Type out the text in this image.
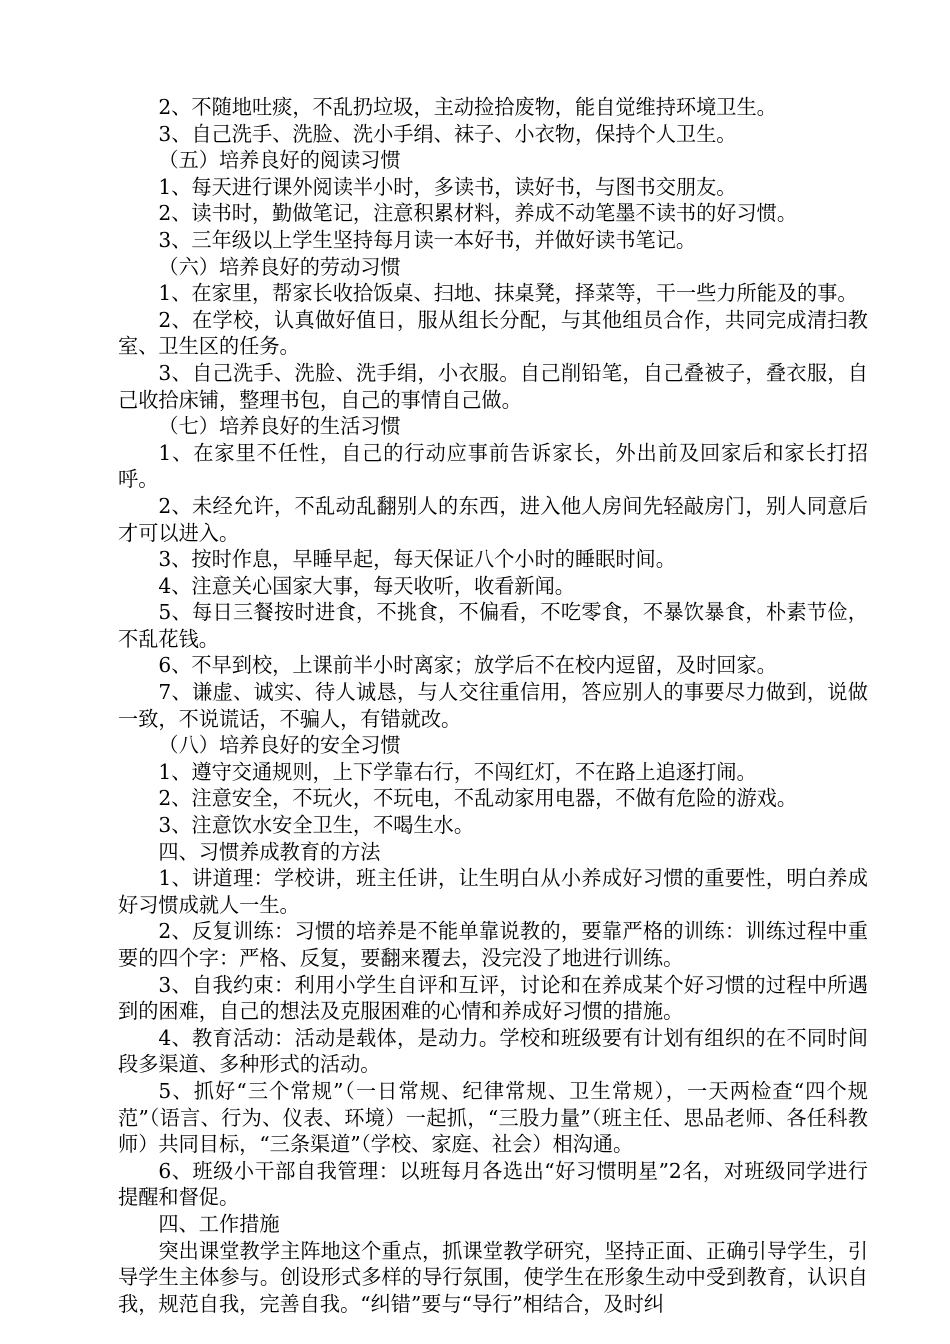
2、不随地吐痰，不乱扔垃圾，主动捡拾废物，能自觉维持环境卫生。

3、自己洗手、洗脸、洗小手绢、袜子、小衣物，保持个人卫生。

（五）培养良好的阅读习惯

1、每天进行课外阅读半小时，多读书，读好书，与图书交朋友。

2、读书时，勤做笔记，注意积累材料，养成不动笔墨不读书的好习惯。

3、三年级以上学生坚持每月读一本好书，并做好读书笔记。

（六）培养良好的劳动习惯

1、在家里，帮家长收拾饭桌、扫地、抹桌凳，择菜等，干一些力所能及的事。

2、在学校，认真做好值日，服从组长分配，与其他组员合作，共同完成清扫教室、卫生区的任务。

3、自己洗手、洗脸、洗手绢，小衣服。自己削铅笔，自己叠被子，叠衣服，自己收拾床铺，整理书包，自己的事情自己做。

（七）培养良好的生活习惯

1、在家里不任性，自己的行动应事前告诉家长，外出前及回家后和家长打招呼。

2、未经允许，不乱动乱翻别人的东西，进入他人房间先轻敲房门，别人同意后才可以进入。

3、按时作息，早睡早起，每天保证八个小时的睡眠时间。

4、注意关心国家大事，每天收听，收看新闻。

5、每日三餐按时进食，不挑食，不偏看，不吃零食，不暴饮暴食，朴素节俭，不乱花钱。

6、不早到校，上课前半小时离家；放学后不在校内逗留，及时回家。

7、谦虚、诚实、待人诚恳，与人交往重信用，答应别人的事要尽力做到，说做一致，不说谎话，不骗人，有错就改。

（八）培养良好的安全习惯

1、遵守交通规则，上下学靠右行，不闯红灯，不在路上追逐打闹。

2、注意安全，不玩火，不玩电，不乱动家用电器，不做有危险的游戏。

3、注意饮水安全卫生，不喝生水。

四、习惯养成教育的方法

1、讲道理：学校讲，班主任讲，让生明白从小养成好习惯的重要性，明白养成好习惯成就人一生。

2、反复训练：习惯的培养是不能单靠说教的，要靠严格的训练：训练过程中重要的四个字：严格、反复，要翻来覆去，没完没了地进行训练。

3、自我约束：利用小学生自评和互评，讨论和在养成某个好习惯的过程中所遇到的困难，自己的想法及克服困难的心情和养成好习惯的措施。

4、教育活动：活动是载体，是动力。学校和班级要有计划有组织的在不同时间段多渠道、多种形式的活动。

5、抓好“三个常规”（一日常规、纪律常规、卫生常规），一天两检查“四个规范”（语言、行为、仪表、环境）一起抓，“三股力量”（班主任、思品老师、各任科教师）共同目标，“三条渠道”（学校、家庭、社会）相沟通。

6、班级小干部自我管理：以班每月各选出“好习惯明星”2名，对班级同学进行提醒和督促。

四、工作措施

突出课堂教学主阵地这个重点，抓课堂教学研究，坚持正面、正确引导学生，引导学生主体参与。创设形式多样的导行氛围，使学生在形象生动中受到教育，认识自我，规范自我，完善自我。“纠错”要与“导行”相结合，及时纠
